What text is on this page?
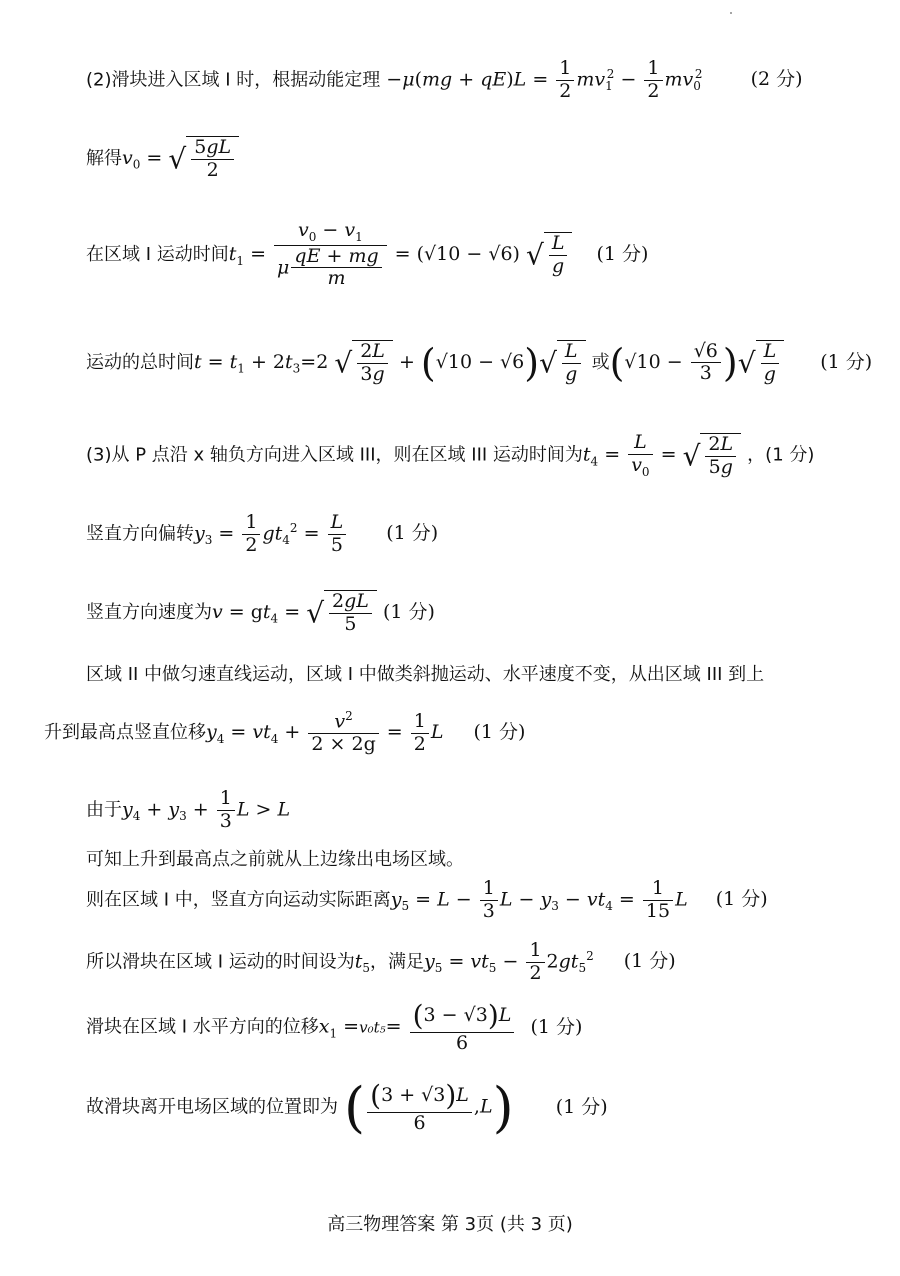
(2)滑块进入区域 I 时，根据动能定理 $-\mu(mg + qE)L = \frac{1}{2} mv_1^2 - \frac{1}{2} mv_0^2$	(2 分)
解得$v_0$ = √ $\frac{5gL}{2}$
在区域 I 运动时间$t_1 = \frac{v_0 - v_1}{\mu \frac{qE + mg}{m}} = (√10 - √6)$ √ $\frac{L}{g} (1$ 分)
运动的总时间$t = t_1 + 2t_3=2$ √ $\frac{2L}{3g} + (√10 - √6)√ \frac{L}{g}$ 或($√10 - \frac{√6}{3}$ )√ $\frac{L}{g} (1$ 分)
(3)从 P 点沿 x 轴负方向进入区域 III，则在区域 III 运动时间为$t_4 = \frac{L}{v_0}$ = √ $\frac{2L}{5g}$ ，(1 分)
竖直方向偏转$y_3 = \frac{1}{2} gt_4^2 = \frac{L}{5} (1$ 分)
竖直方向速度为$v = gt_4$ = √ $\frac{2gL}{5} (1$ 分)
区域 II 中做匀速直线运动，区域 I 中做类斜抛运动、水平速度不变，从出区域 III 到上
升到最高点竖直位移$y_4 = vt_4 + \frac{v^2}{2 \times 2g} = \frac{1}{2}$ L (1 分)
由于$y_4 + y_3 + \frac{1}{3}$ L > L
可知上升到最高点之前就从上边缘出电场区域。
则在区域 I 中，竖直方向运动实际距离$y_5 = L - \frac{1}{3}$ $L - y_3 - vt_4 = \frac{1}{15}$ L (1 分)
所以滑块在区域 I 运动的时间设为$t_5$，满足$y_5 = vt_5 - \frac{1}{2} 2gt_5^2$ (1 分)
滑块在区域 I 水平方向的位移$x_1 =v_0t_5= \frac{(3 - √3)L}{6} (1$ 分)
故滑块离开电场区域的位置即为 ( $\frac{(3 + √3)L}{6} ,L$) (1 分)
高三物理答案 第 3页 (共 3 页)
